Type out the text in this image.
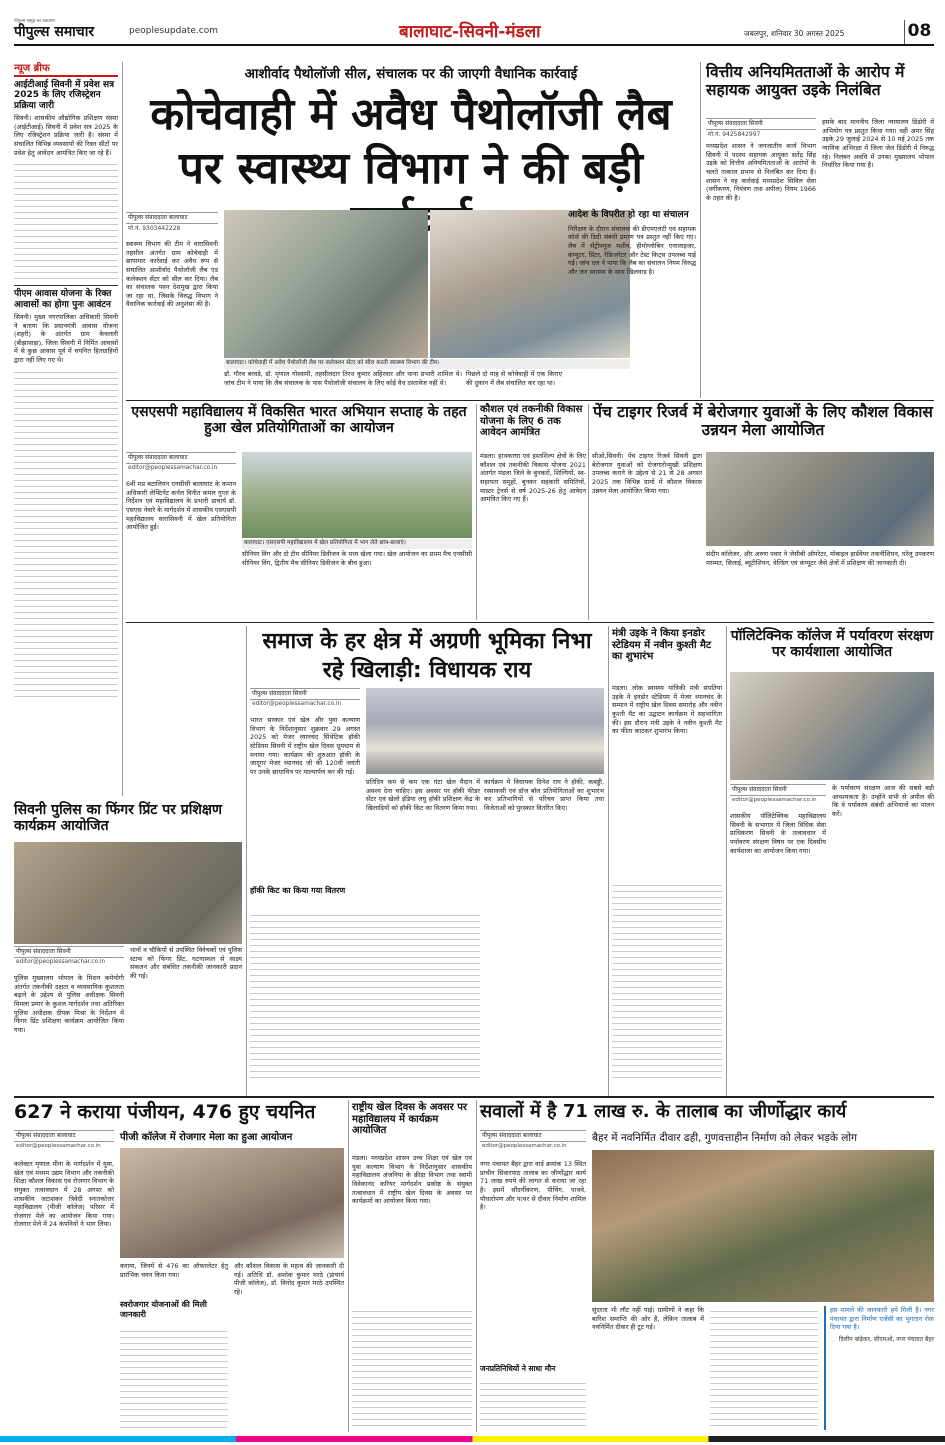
पीपुल्स समूह का प्रकाशन
पीपुल्स समाचार	peoplesupdate.com	बालाघाट-सिवनी-मंडला	जबलपुर, शनिवार 30 अगस्त 2025	08
न्यूज ब्रीफ
आईटीआई सिवनी में प्रवेश सत्र 2025 के लिए रजिस्ट्रेशन प्रक्रिया जारी
सिवनी। शासकीय औद्योगिक प्रशिक्षण संस्था (आईटीआई) सिवनी में प्रवेश सत्र 2025 के लिए रजिस्ट्रेशन प्रक्रिया जारी है। संस्था में संचालित विभिन्न व्यवसायों की रिक्त सीटों पर प्रवेश हेतु आवेदन आमंत्रित किए जा रहे हैं।
पीएम आवास योजना के रिक्त आवासों का होगा पुनः आवंटन
सिवनी। मुख्य नगरपालिका अधिकारी सिवनी ने बताया कि प्रधानमंत्री आवास योजना (शहरी) के अंतर्गत ग्राम केवलारी (बीझावाड़ा), जिला सिवनी में निर्मित आवासों में से कुछ आवास पूर्व में चयनित हितग्राहियों द्वारा नहीं लिए गए थे।
आशीर्वाद पैथोलॉजी सील, संचालक पर की जाएगी वैधानिक कार्रवाई
कोचेवाही में अवैध पैथोलॉजी लैब पर स्वास्थ्य विभाग ने की बड़ी
पीपुल्स संवाददाता बालाघाट
मो.नं. 9303442228
स्वास्थ्य विभाग की टीम ने वारासिवनी तहसील अंतर्गत ग्राम कोचेवाही में छापामार कार्रवाई कर अवैध रूप से संचालित आशीर्वाद पैथोलॉजी लैब एंड कलेक्शन सेंटर को सील कर दिया। लैब का संचालक पवन देशमुख द्वारा किया जा रहा था, जिसके विरुद्ध विभाग ने वैधानिक कार्रवाई की अनुशंसा की है।
बालाघाट। कोचेवाही में अवैध पैथोलॉजी लैब पर कलेक्शन सेंटर को सील करती स्वास्थ्य विभाग की टीम।
डॉ. गौरव बरवडे, डॉ. मृणाल गोस्वामी, तहसीलदार तिरथ कुमार अहिरवार और थाना प्रभारी शामिल थे। जांच टीम ने पाया कि लैब संचालक के पास पैथोलॉजी संचालन के लिए कोई वैध दस्तावेज नहीं थे।
पिछले दो माह से कोचेवाही में एक किराए की दुकान में लैब संचालित कर रहा था।
आदेश के विपरीत हो रहा था संचालन
निरीक्षण के दौरान संचालक की डीएमएलटी एवं सहायक कोर्स की डिग्री संबंधी प्रमाण पत्र प्रस्तुत नहीं किए गए। लैब में सेंट्रीफ्यूज मशीन, हीमोग्लोबिन एनालाइजर, कंप्यूटर, प्रिंटर, रेफ्रिजरेटर और टेस्ट किट्स उपलब्ध पाई गईं। जांच दल ने पाया कि लैब का संचालन नियम विरुद्ध और जन स्वास्थ्य के साथ खिलवाड़ है।
वित्तीय अनियमितताओं के आरोप में सहायक आयुक्त उइके निलंबित
पीपुल्स संवाददाता सिवनी
मो.नं. 9425842997
मध्यप्रदेश शासन ने जनजातीय कार्य विभाग सिवनी में पदस्थ सहायक आयुक्त सतेंद्र सिंह उइके को वित्तीय अनियमितताओं के आरोपों के चलते तत्काल प्रभाव से निलंबित कर दिया है। शासन ने यह कार्रवाई मध्यप्रदेश सिविल सेवा (वर्गीकरण, नियंत्रण तथा अपील) नियम 1966 के तहत की है।
इसके बाद माननीय जिला न्यायालय डिंडोरी में अभियोग पत्र प्रस्तुत किया गया। वहीं अमर सिंह उइके 29 जुलाई 2024 से 10 मई 2025 तक न्यायिक अभिरक्षा में जिला जेल डिंडोरी में निरुद्ध रहे। निलंबन अवधि में उनका मुख्यालय भोपाल निर्धारित किया गया है।
एसएसपी महाविद्यालय में विकसित भारत अभियान सप्ताह के तहत हुआ खेल प्रतियोगिताओं का आयोजन
पीपुल्स संवाददाता बालाघाट
editor@peoplessamachar.co.in
6वीं मप्र बटालियन एनसीसी बालाघाट के कमान अधिकारी लेफ्टिनेंट कर्नल विनीत कमल गुप्ता के निर्देशन एवं महाविद्यालय के प्रभारी प्राचार्य डॉ. एसएस नेवारे के मार्गदर्शन में शासकीय एसएसपी महाविद्यालय वारासिवनी में खेल प्रतियोगिता आयोजित हुई।
बालाघाट। एसएसपी महाविद्यालय में खेल प्रतियोगिता में भाग लेते छात्र-छात्राएं।
सीनियर विंग और दो टीम सीनियर डिवीजन के मध्य खेला गया। खेल आयोजन का प्रथम मैच एनसीसी सीनियर विंग, द्वितीय मैच सीनियर डिवीजन के बीच हुआ।
कौशल एवं तकनीकी विकास योजना के लिए 6 तक आवेदन आमंत्रित
मंडला। हाथकरघा एवं हस्तशिल्प क्षेत्रों के लिए कौशल एवं तकनीकी विकास योजना 2021 अंतर्गत मंडला जिले के बुनकरों, शिल्पियों, स्व-सहायता समूहों, बुनकर सहकारी समितियों, मास्टर ट्रेनर्स से वर्ष 2025-26 हेतु आवेदन आमंत्रित किए गए हैं।
पेंच टाइगर रिजर्व में बेरोजगार युवाओं के लिए कौशल विकास उन्नयन मेला आयोजित
सीओ,सिवनी। पेंच टाइगर रिजर्व सिवनी द्वारा बेरोजगार युवाओं को रोजगारोन्मुखी प्रशिक्षण उपलब्ध कराने के उद्देश्य से 21 से 28 अगस्त 2025 तक विभिन्न ग्रामों में कौशल विकास उन्नयन मेला आयोजित किया गया।
संदीप कॉलेजर, और अरुण पवार ने जेसीबी ऑपरेटर, मोबाइल हार्डवेयर तकनीशियन, घरेलू उपकरण मरम्मत, सिलाई, ब्यूटीशियन, वेल्डिंग एवं कंप्यूटर जैसे क्षेत्रों में प्रशिक्षण की जानकारी दी।
सिवनी पुलिस का फिंगर प्रिंट पर प्रशिक्षण कार्यक्रम आयोजित
पीपुल्स संवाददाता सिवनी
editor@peoplessamachar.co.in
पुलिस मुख्यालय भोपाल के मिशन कमेयोगी अंतर्गत तकनीकी दक्षता व व्यवसायिक कुशलता बढ़ाने के उद्देश्य से पुलिस अधीक्षक सिवनी विमला प्रमार के कुशल मार्गदर्शन तथा अतिरिक्त पुलिस अधीक्षक दीपक मिश्रा के निर्देशन में फिंगर प्रिंट प्रशिक्षण कार्यक्रम आयोजित किया गया।
थानों व चौकियों से उपस्थित विवेचकों एवं पुलिस स्टाफ को फिंगर प्रिंट, घटनास्थल से साक्ष्य संकलन और संबंधित तकनीकी जानकारी प्रदान की गई।
समाज के हर क्षेत्र में अग्रणी भूमिका निभा रहे खिलाड़ी: विधायक राय
पीपुल्स संवाददाता सिवनी
editor@peoplessamachar.co.in
भारत सरकार एवं खेल और युवा कल्याण विभाग के निर्देशानुसार शुक्रवार 29 अगस्त 2025 को मेजर ध्यानचंद सिंथेटिक हॉकी स्टेडियम सिवनी में राष्ट्रीय खेल दिवस धूमधाम से मनाया गया। कार्यक्रम की शुरुआत हॉकी के जादूगर मेजर ध्यानचंद जी की 120वीं जयंती पर उनके छायाचित्र पर माल्यार्पण कर की गई।
प्रतिदिन कम से कम एक घंटा खेल मैदान में अवश्य देना चाहिए। इस अवसर पर हॉकी फीडर सेंटर एवं खेलो इंडिया लघु हॉकी प्रशिक्षण केंद्र के खिलाड़ियों को हॉकी किट का वितरण किया गया।
हॉकी किट का किया गया वितरण
कार्यक्रम में विधायक दिनेश राय ने हॉकी, कबड्डी, रस्साकसी एवं डॉज बॉल प्रतियोगिताओं का शुभारंभ कर प्रतिभागियों से परिचय प्राप्त किया तथा विजेताओं को पुरस्कार वितरित किए।
मंत्री उइके ने किया इनडोर स्टेडियम में नवीन कुश्ती मैट का शुभारंभ
मंडला। लोक स्वास्थ्य यांत्रिकी मंत्री संपतिया उइके ने इनडोर स्टेडियम में मेजर ध्यानचंद के सम्मान में राष्ट्रीय खेल दिवस समारोह और नवीन कुश्ती मैट का उद्घाटन कार्यक्रम में सहभागिता की। इस दौरान मंत्री उइके ने नवीन कुश्ती मैट का फीता काटकर शुभारंभ किया।
पॉलिटेक्निक कॉलेज में पर्यावरण संरक्षण पर कार्यशाला आयोजित
पीपुल्स संवाददाता सिवनी
editor@peoplessamachar.co.in
शासकीय पॉलिटेक्निक महाविद्यालय सिवनी के सभागार में जिला विधिक सेवा प्राधिकरण सिवनी के तत्वावधान में पर्यावरण संरक्षण विषय पर एक दिवसीय कार्यशाला का आयोजन किया गया।
के पर्यावरण संरक्षण आज की सबसे बड़ी आवश्यकता है। उन्होंने सभी से अपील की कि वे पर्यावरण संबंधी अभियानों का पालन करें।
627 ने कराया पंजीयन, 476 हुए चयनित
पीपुल्स संवाददाता बालाघाट
editor@peoplessamachar.co.in
पीजी कॉलेज में रोजगार मेला का हुआ आयोजन
कलेक्टर मृणाल मीना के मार्गदर्शन में युवा, खेल एवं मध्यम उद्यम विभाग और तकनीकी शिक्षा कौशल विकास एवं रोजगार विभाग के संयुक्त तत्वावधान में 28 अगस्त को शासकीय जटाशंकर त्रिवेदी स्नातकोत्तर महाविद्यालय (पीजी कॉलेज) परिसर में रोजगार मेले का आयोजन किया गया। रोजगार मेले में 24 कंपनियों ने भाग लिया।
कराया, जिनमें से 476 का ऑफरलेटर हेतु प्रारंभिक चयन किया गया।
स्वरोजगार योजनाओं की मिली जानकारी
और कौशल विकास के महत्व की जानकारी दी गई। अतिथि डॉ. अशोक कुमार मरठे (प्राचार्य पीजी कॉलेज), डॉ. विनोद कुमार मरठे उपस्थित रहे।
राष्ट्रीय खेल दिवस के अवसर पर महाविद्यालय में कार्यक्रम आयोजित
मंडला। मध्यप्रदेश शासन उच्च शिक्षा एवं खेल एवं युवा कल्याण विभाग के निर्देशानुसार शासकीय महाविद्यालय अंजनिया के क्रीड़ा विभाग तथा स्वामी विवेकानंद करियर मार्गदर्शन प्रकोष्ठ के संयुक्त तत्वावधान में राष्ट्रीय खेल दिवस के अवसर पर कार्यक्रमों का आयोजन किया गया।
सवालों में है 71 लाख रु. के तालाब का जीर्णोद्धार कार्य
पीपुल्स संवाददाता बालाघाट
editor@peoplessamachar.co.in
बैहर में नवनिर्मित दीवार ढही, गुणवत्ताहीन निर्माण को लेकर भड़के लोग
नगर पंचायत बैहर द्वारा वार्ड क्रमांक 13 स्थित प्राचीन सिवारपाठ तालाब का जीर्णोद्धार कार्य 71 लाख रुपये की लागत से कराया जा रहा है। इसमें सौंदर्यीकरण, पीचिंग, पाथवे, पौधारोपण और पत्थर से दीवार निर्माण शामिल है।
जनप्रतिनिधियों ने साधा मौन
सुंदरता भी लौट नहीं पाई। ग्रामीणों ने कहा कि बारिश समाप्ति की ओर है, लेकिन तालाब में नवनिर्मित दीवार ही टूट गई।
इस मामले की जानकारी हमें मिली है। नगर पंचायत द्वारा निर्माण एजेंसी का भुगतान रोक दिया गया है।
दिलीप बांढ़ेकर, सीएमओ, नगर पंचायत बैहर
